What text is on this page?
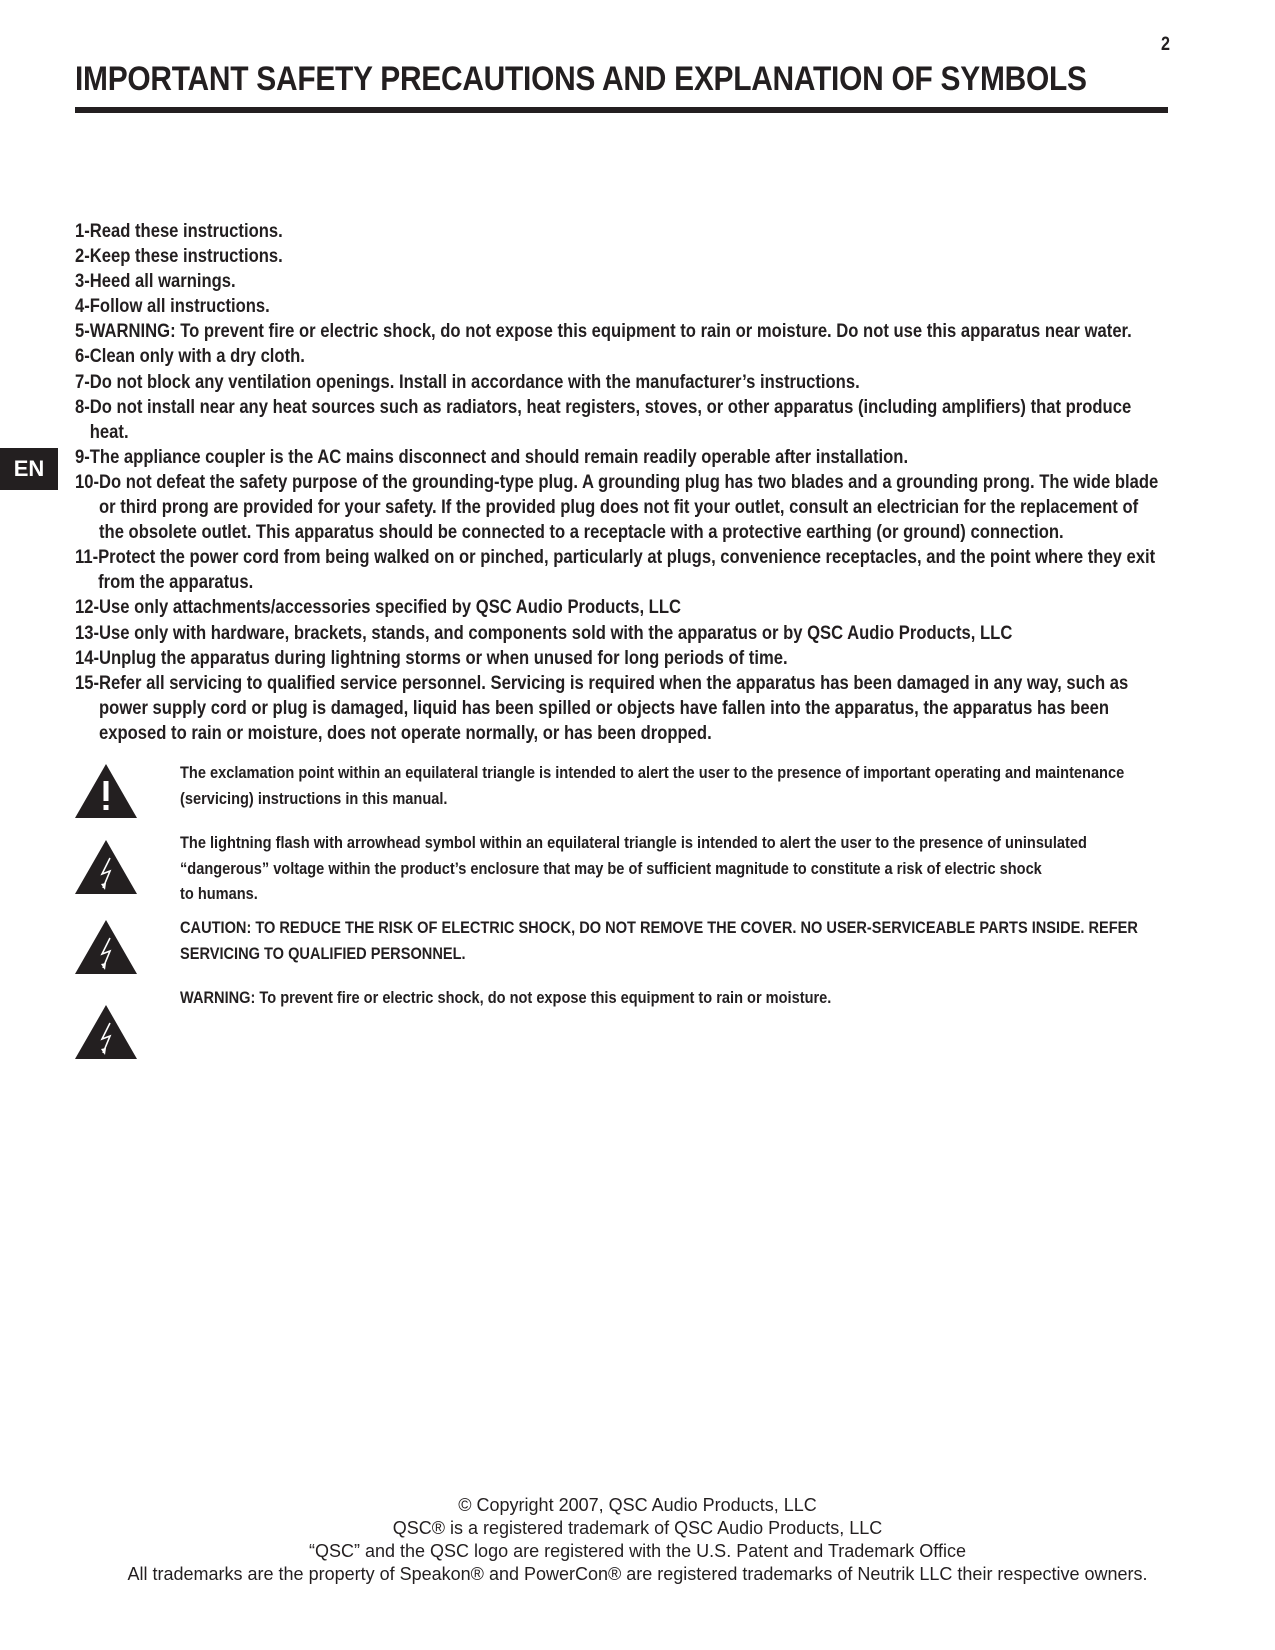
2
IMPORTANT SAFETY PRECAUTIONS AND EXPLANATION OF SYMBOLS
EN
1- Read these instructions.
2- Keep these instructions.
3- Heed all warnings.
4- Follow all instructions.
5- WARNING: To prevent fire or electric shock, do not expose this equipment to rain or moisture. Do not use this apparatus near water.
6- Clean only with a dry cloth.
7- Do not block any ventilation openings. Install in accordance with the manufacturer’s instructions.
8- Do not install near any heat sources such as radiators, heat registers, stoves, or other apparatus (including amplifiers) that produce
heat.
9- The appliance coupler is the AC mains disconnect and should remain readily operable after installation.
10- Do not defeat the safety purpose of the grounding-type plug. A grounding plug has two blades and a grounding prong. The wide blade
or third prong are provided for your safety. If the provided plug does not fit your outlet, consult an electrician for the replacement of
the obsolete outlet. This apparatus should be connected to a receptacle with a protective earthing (or ground) connection.
11- Protect the power cord from being walked on or pinched, particularly at plugs, convenience receptacles, and the point where they exit
from the apparatus.
12- Use only attachments/accessories specified by QSC Audio Products, LLC
13- Use only with hardware, brackets, stands, and components sold with the apparatus or by QSC Audio Products, LLC
14- Unplug the apparatus during lightning storms or when unused for long periods of time.
15- Refer all servicing to qualified service personnel. Servicing is required when the apparatus has been damaged in any way, such as
power supply cord or plug is damaged, liquid has been spilled or objects have fallen into the apparatus, the apparatus has been
exposed to rain or moisture, does not operate normally, or has been dropped.
The exclamation point within an equilateral triangle is intended to alert the user to the presence of important operating and maintenance
(servicing) instructions in this manual.
The lightning flash with arrowhead symbol within an equilateral triangle is intended to alert the user to the presence of uninsulated
“dangerous” voltage within the product’s enclosure that may be of sufficient magnitude to constitute a risk of electric shock
to humans.
CAUTION: TO REDUCE THE RISK OF ELECTRIC SHOCK, DO NOT REMOVE THE COVER. NO USER-SERVICEABLE PARTS INSIDE. REFER
SERVICING TO QUALIFIED PERSONNEL.
WARNING: To prevent fire or electric shock, do not expose this equipment to rain or moisture.
© Copyright 2007, QSC Audio Products, LLC
QSC® is a registered trademark of QSC Audio Products, LLC
“QSC” and the QSC logo are registered with the U.S. Patent and Trademark Office
All trademarks are the property of Speakon® and PowerCon® are registered trademarks of Neutrik LLC their respective owners.
